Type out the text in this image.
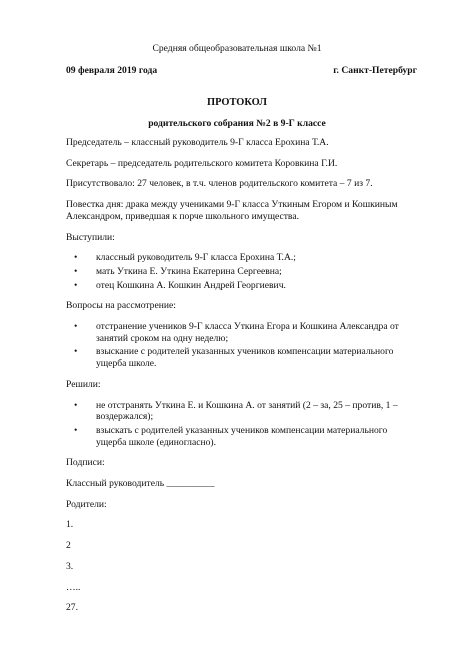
Средняя общеобразовательная школа №1
09 февраля 2019 года	г. Санкт-Петербург
ПРОТОКОЛ
родительского собрания №2 в 9-Г классе

Председатель – классный руководитель 9-Г класса Ерохина Т.А.

Секретарь – председатель родительского комитета Коровкина Г.И.

Присутствовало: 27 человек, в т.ч. членов родительского комитета – 7 из 7.

Повестка дня: драка между учениками 9-Г класса Уткиным Егором и Кошкиным Александром, приведшая к порче школьного имущества.

Выступили:

• классный руководитель 9-Г класса Ерохина Т.А.;
• мать Уткина Е. Уткина Екатерина Сергеевна;
• отец Кошкина А. Кошкин Андрей Георгиевич.

Вопросы на рассмотрение:

• отстранение учеников 9-Г класса Уткина Егора и Кошкина Александра от занятий сроком на одну неделю;
• взыскание с родителей указанных учеников компенсации материального ущерба школе.

Решили:

• не отстранять Уткина Е. и Кошкина А. от занятий (2 – за, 25 – против, 1 – воздержался);
• взыскать с родителей указанных учеников компенсации материального ущерба школе (единогласно).

Подписи:

Классный руководитель __________

Родители:

1.

2

3.

…..

27.
